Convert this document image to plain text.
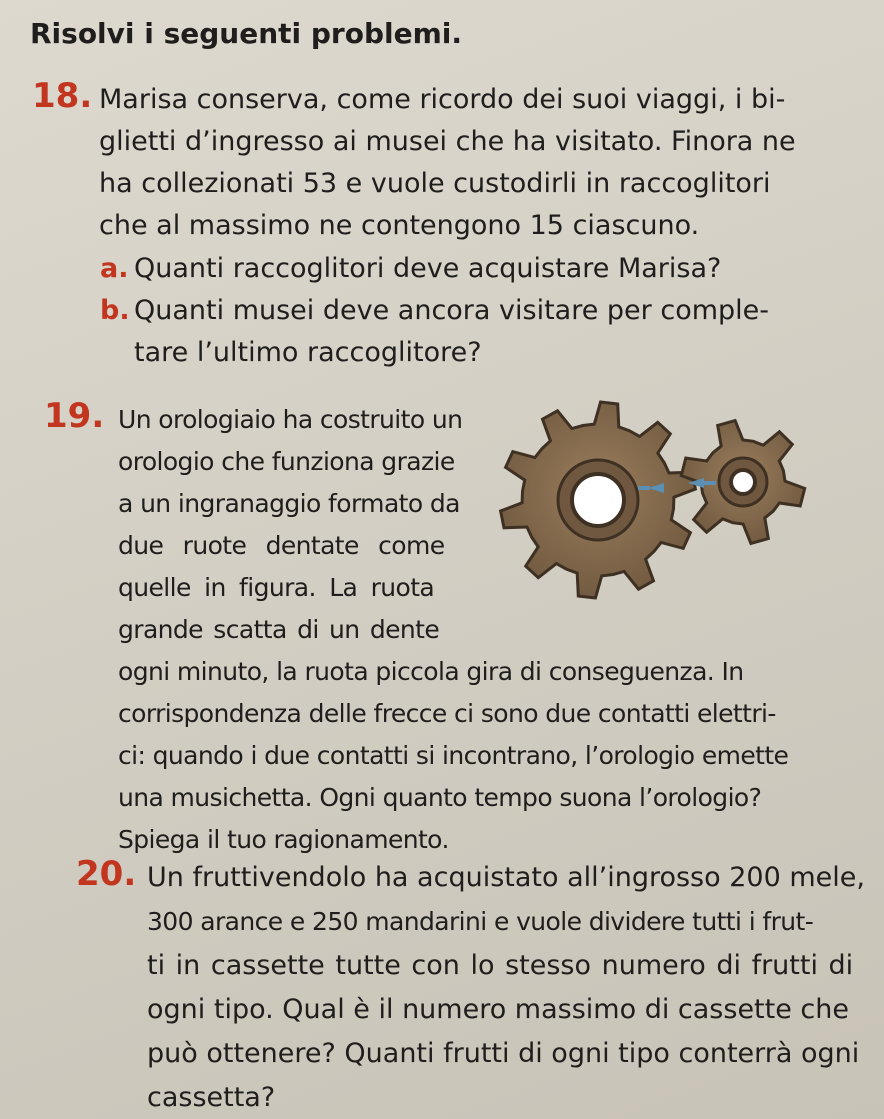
Risolvi i seguenti problemi.
18. Marisa conserva, come ricordo dei suoi viaggi, i bi-
glietti d’ingresso ai musei che ha visitato. Finora ne
ha collezionati 53 e vuole custodirli in raccoglitori
che al massimo ne contengono 15 ciascuno.
a. Quanti raccoglitori deve acquistare Marisa?
b. Quanti musei deve ancora visitare per comple-
tare l’ultimo raccoglitore?
19. Un orologiaio ha costruito un
orologio che funziona grazie
a un ingranaggio formato da
due ruote dentate come
quelle in figura. La ruota
grande scatta di un dente
ogni minuto, la ruota piccola gira di conseguenza. In
corrispondenza delle frecce ci sono due contatti elettri-
ci: quando i due contatti si incontrano, l’orologio emette
una musichetta. Ogni quanto tempo suona l’orologio?
Spiega il tuo ragionamento.
20. Un fruttivendolo ha acquistato all’ingrosso 200 mele,
300 arance e 250 mandarini e vuole dividere tutti i frut-
ti in cassette tutte con lo stesso numero di frutti di
ogni tipo. Qual è il numero massimo di cassette che
può ottenere? Quanti frutti di ogni tipo conterrà ogni
cassetta?
